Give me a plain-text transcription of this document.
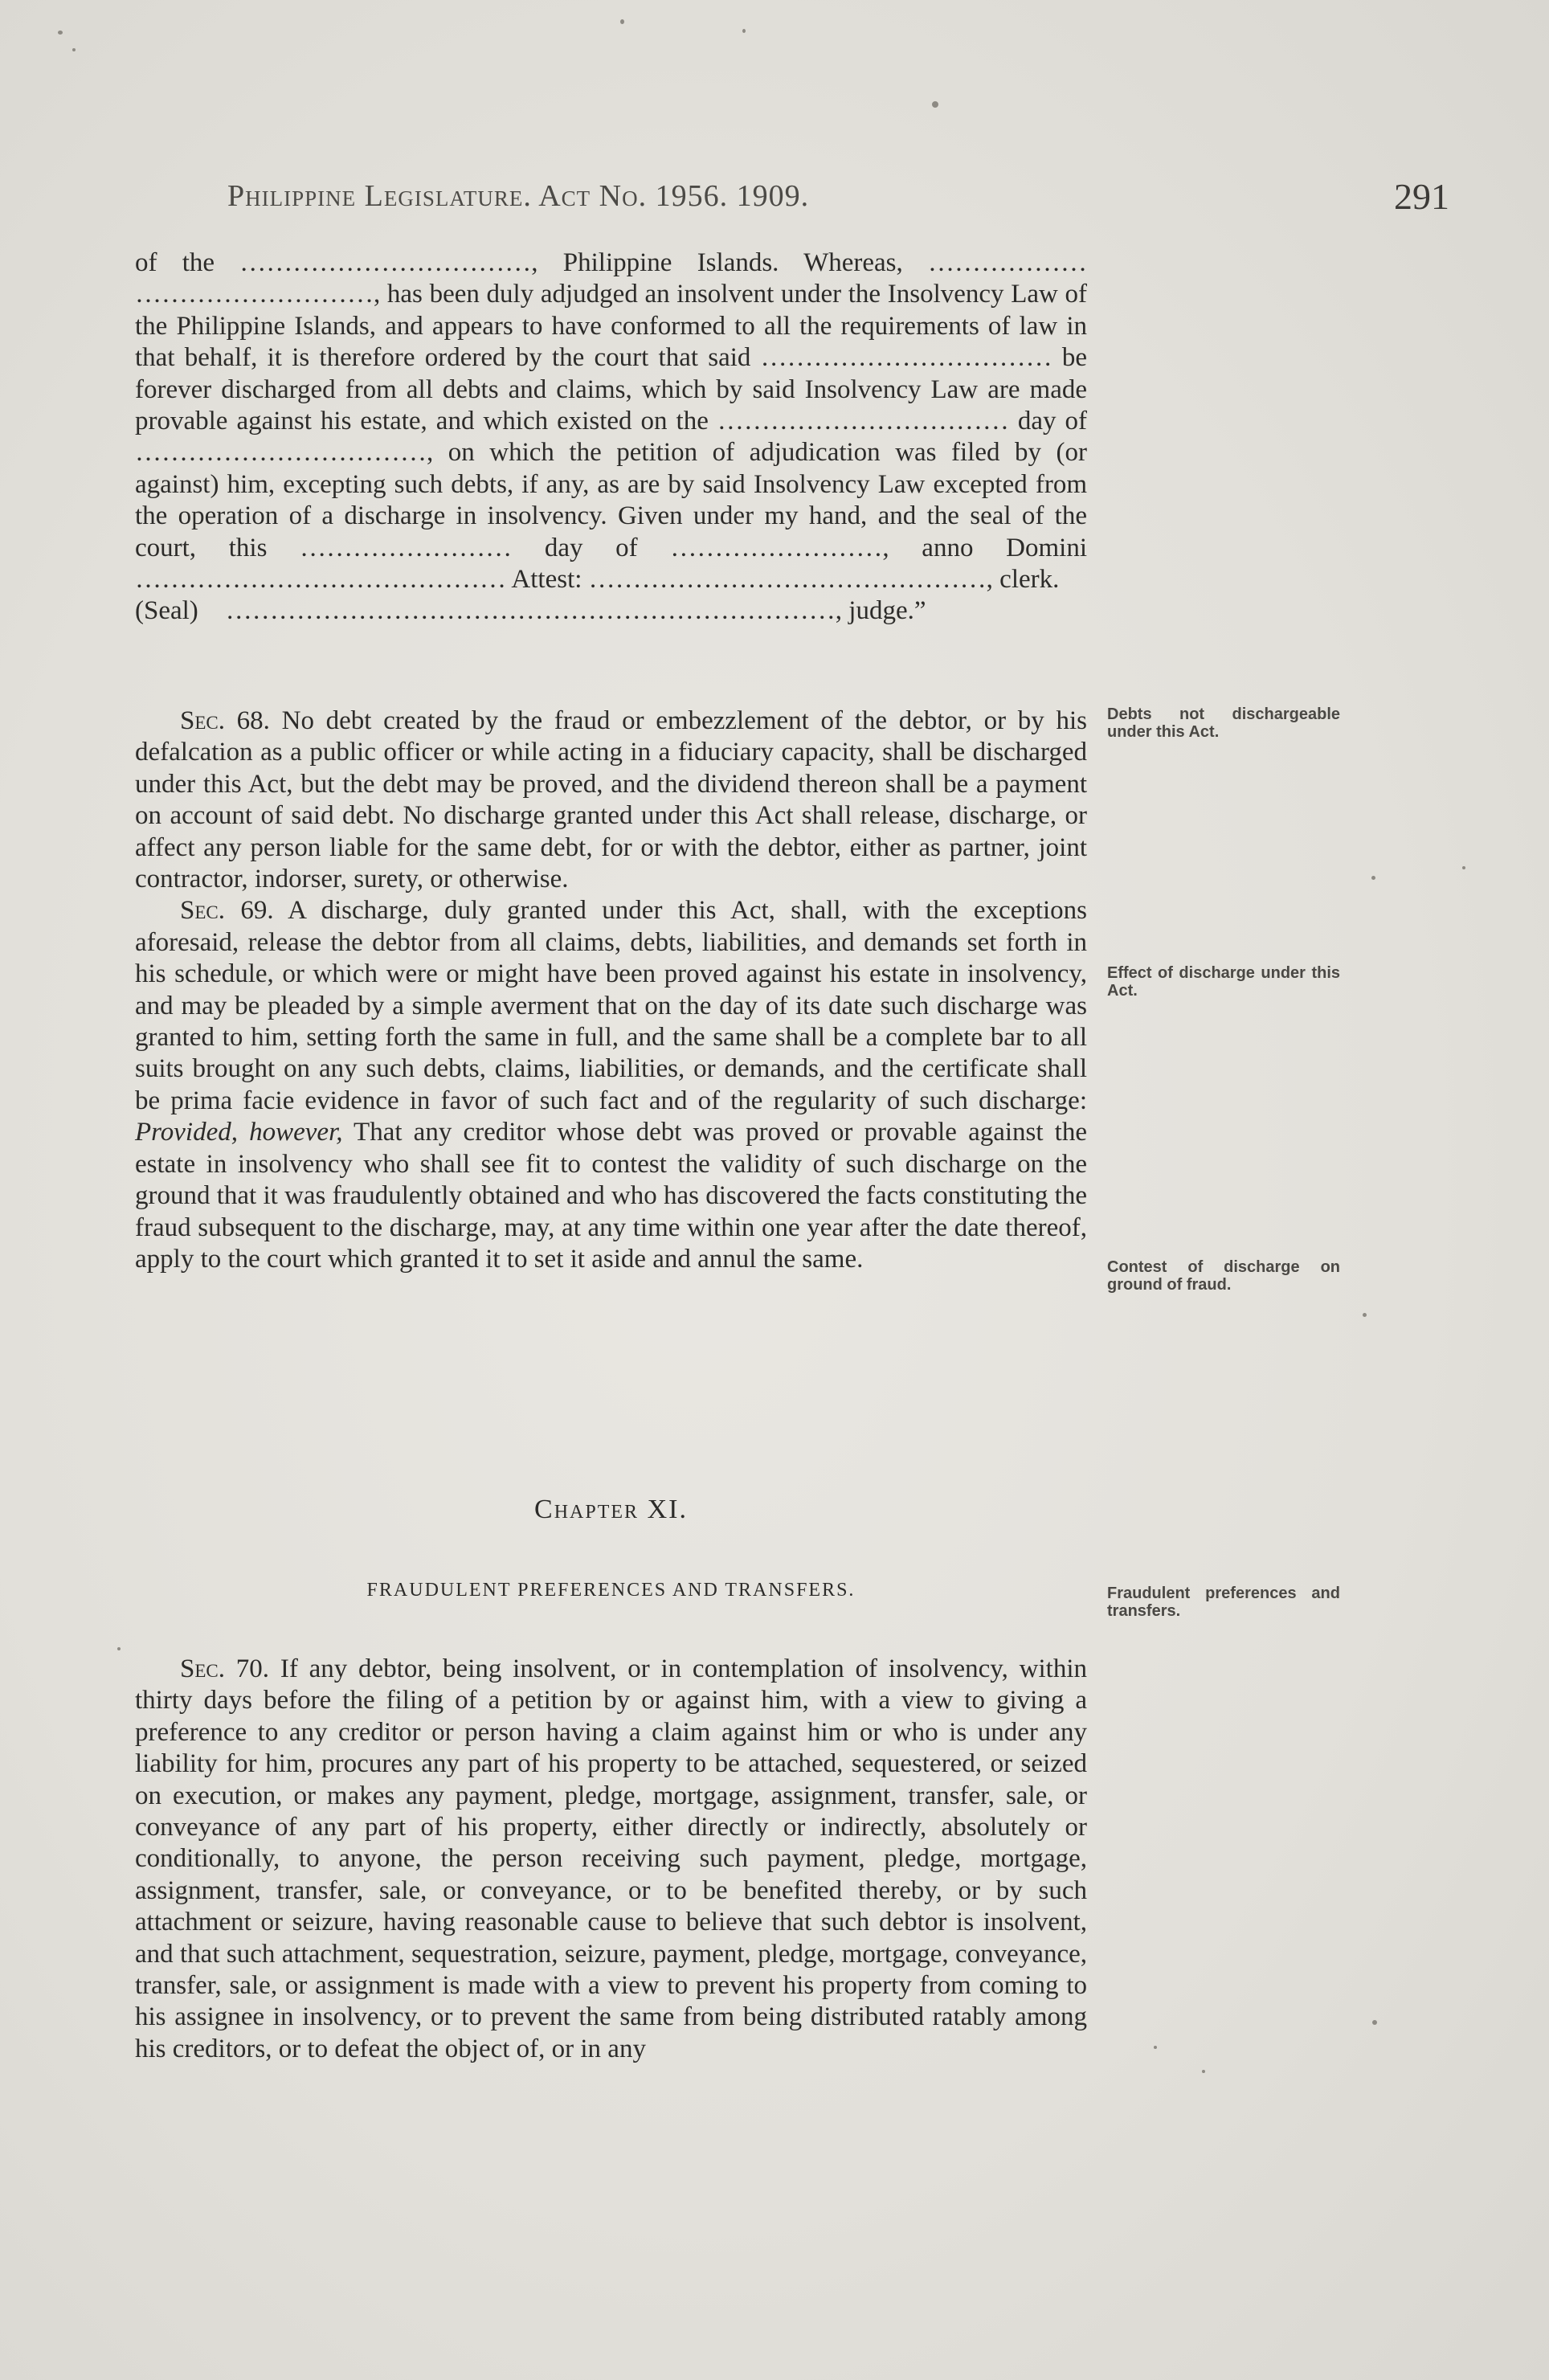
Philippine Legislature. Act No. 1956. 1909.	291

of the ……………………………, Philippine Islands. Whereas, ……………… ………………………, has been duly adjudged an insolvent under the Insolvency Law of the Philippine Islands, and appears to have conformed to all the requirements of law in that behalf, it is therefore ordered by the court that said …………………………… be forever discharged from all debts and claims, which by said Insolvency Law are made provable against his estate, and which existed on the …………………………… day of ……………………………, on which the petition of adjudication was filed by (or against) him, excepting such debts, if any, as are by said Insolvency Law excepted from the operation of a discharge in insolvency. Given under my hand, and the seal of the court, this …………………… day of ……………………, anno Domini …………………………………… Attest: ………………………………………, clerk.

(Seal) ……………………………………………………………, judge.”

Sec. 68. No debt created by the fraud or embezzlement of the debtor, or by his defalcation as a public officer or while acting in a fiduciary capacity, shall be discharged under this Act, but the debt may be proved, and the dividend thereon shall be a payment on account of said debt. No discharge granted under this Act shall release, discharge, or affect any person liable for the same debt, for or with the debtor, either as partner, joint contractor, indorser, surety, or otherwise.

Sec. 69. A discharge, duly granted under this Act, shall, with the exceptions aforesaid, release the debtor from all claims, debts, liabilities, and demands set forth in his schedule, or which were or might have been proved against his estate in insolvency, and may be pleaded by a simple averment that on the day of its date such discharge was granted to him, setting forth the same in full, and the same shall be a complete bar to all suits brought on any such debts, claims, liabilities, or demands, and the certificate shall be prima facie evidence in favor of such fact and of the regularity of such discharge: Provided, however, That any creditor whose debt was proved or provable against the estate in insolvency who shall see fit to contest the validity of such discharge on the ground that it was fraudulently obtained and who has discovered the facts constituting the fraud subsequent to the discharge, may, at any time within one year after the date thereof, apply to the court which granted it to set it aside and annul the same.

Debts not dischargeable under this Act.
Effect of discharge under this Act.
Contest of discharge on ground of fraud.
Chapter XI.
FRAUDULENT PREFERENCES AND TRANSFERS.	Fraudulent preferences and transfers.

Sec. 70. If any debtor, being insolvent, or in contemplation of insolvency, within thirty days before the filing of a petition by or against him, with a view to giving a preference to any creditor or person having a claim against him or who is under any liability for him, procures any part of his property to be attached, sequestered, or seized on execution, or makes any payment, pledge, mortgage, assignment, transfer, sale, or conveyance of any part of his property, either directly or indirectly, absolutely or conditionally, to anyone, the person receiving such payment, pledge, mortgage, assignment, transfer, sale, or conveyance, or to be benefited thereby, or by such attachment or seizure, having reasonable cause to believe that such debtor is insolvent, and that such attachment, sequestration, seizure, payment, pledge, mortgage, conveyance, transfer, sale, or assignment is made with a view to prevent his property from coming to his assignee in insolvency, or to prevent the same from being distributed ratably among his creditors, or to defeat the object of, or in any
